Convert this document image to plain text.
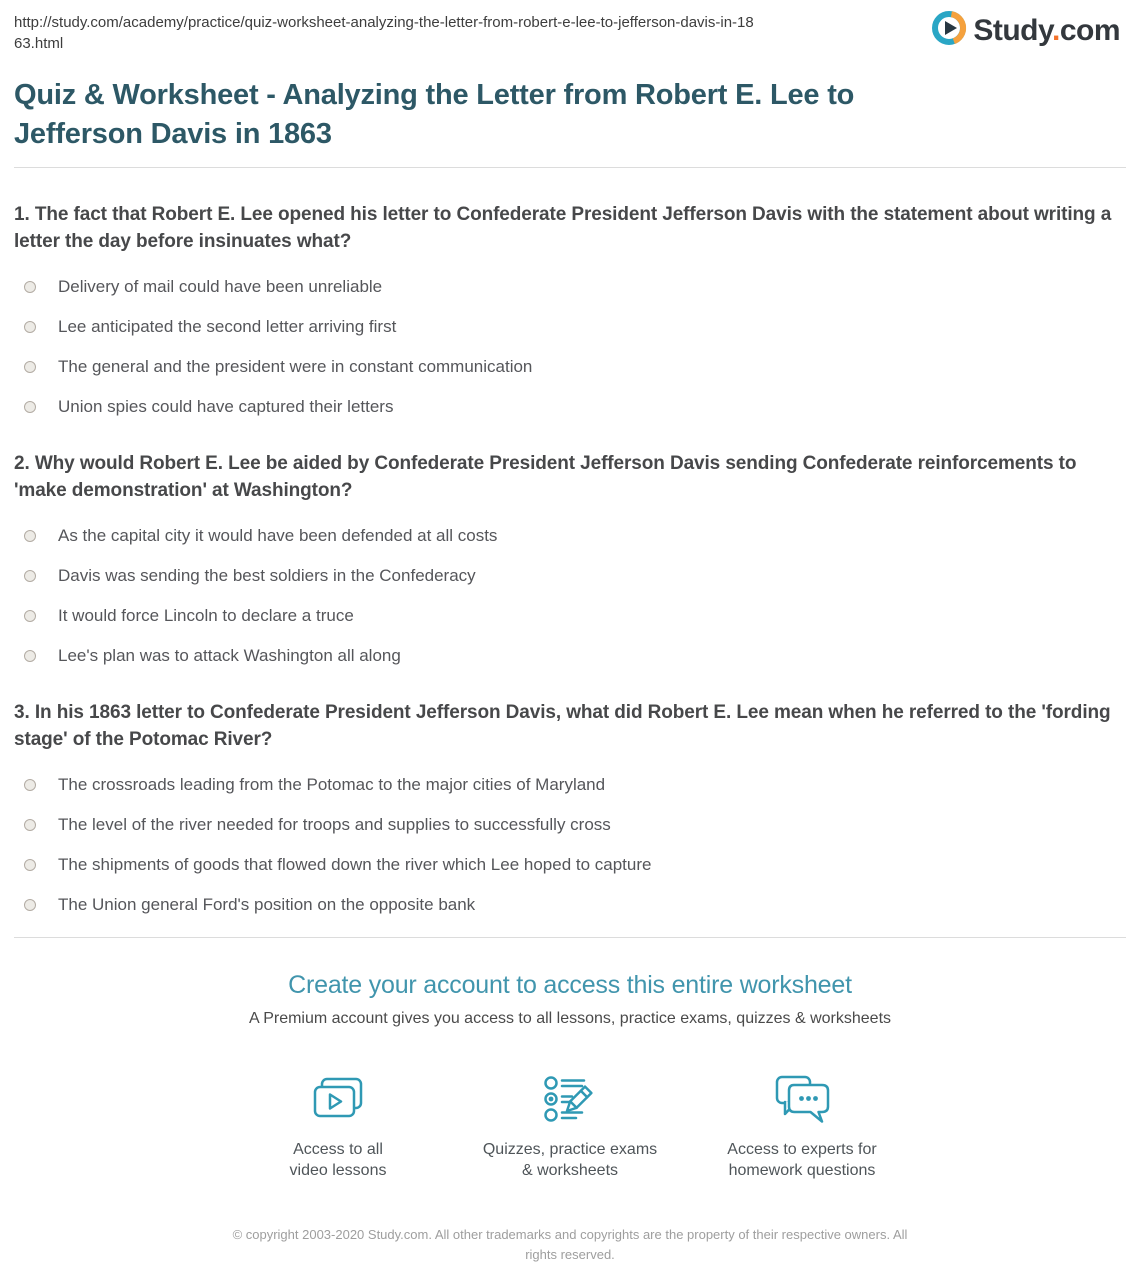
http://study.com/academy/practice/quiz-worksheet-analyzing-the-letter-from-robert-e-lee-to-jefferson-davis-in-1863.html	Study.com
Quiz & Worksheet - Analyzing the Letter from Robert E. Lee to Jefferson Davis in 1863

1. The fact that Robert E. Lee opened his letter to Confederate President Jefferson Davis with the statement about writing a letter the day before insinuates what?

Delivery of mail could have been unreliable
Lee anticipated the second letter arriving first
The general and the president were in constant communication
Union spies could have captured their letters

2. Why would Robert E. Lee be aided by Confederate President Jefferson Davis sending Confederate reinforcements to 'make demonstration' at Washington?

As the capital city it would have been defended at all costs
Davis was sending the best soldiers in the Confederacy
It would force Lincoln to declare a truce
Lee's plan was to attack Washington all along

3. In his 1863 letter to Confederate President Jefferson Davis, what did Robert E. Lee mean when he referred to the 'fording stage' of the Potomac River?

The crossroads leading from the Potomac to the major cities of Maryland
The level of the river needed for troops and supplies to successfully cross
The shipments of goods that flowed down the river which Lee hoped to capture
The Union general Ford's position on the opposite bank
Create your account to access this entire worksheet
A Premium account gives you access to all lessons, practice exams, quizzes & worksheets
Access to all
video lessons
Quizzes, practice exams
& worksheets
Access to experts for
homework questions

© copyright 2003-2020 Study.com. All other trademarks and copyrights are the property of their respective owners. All rights reserved.
